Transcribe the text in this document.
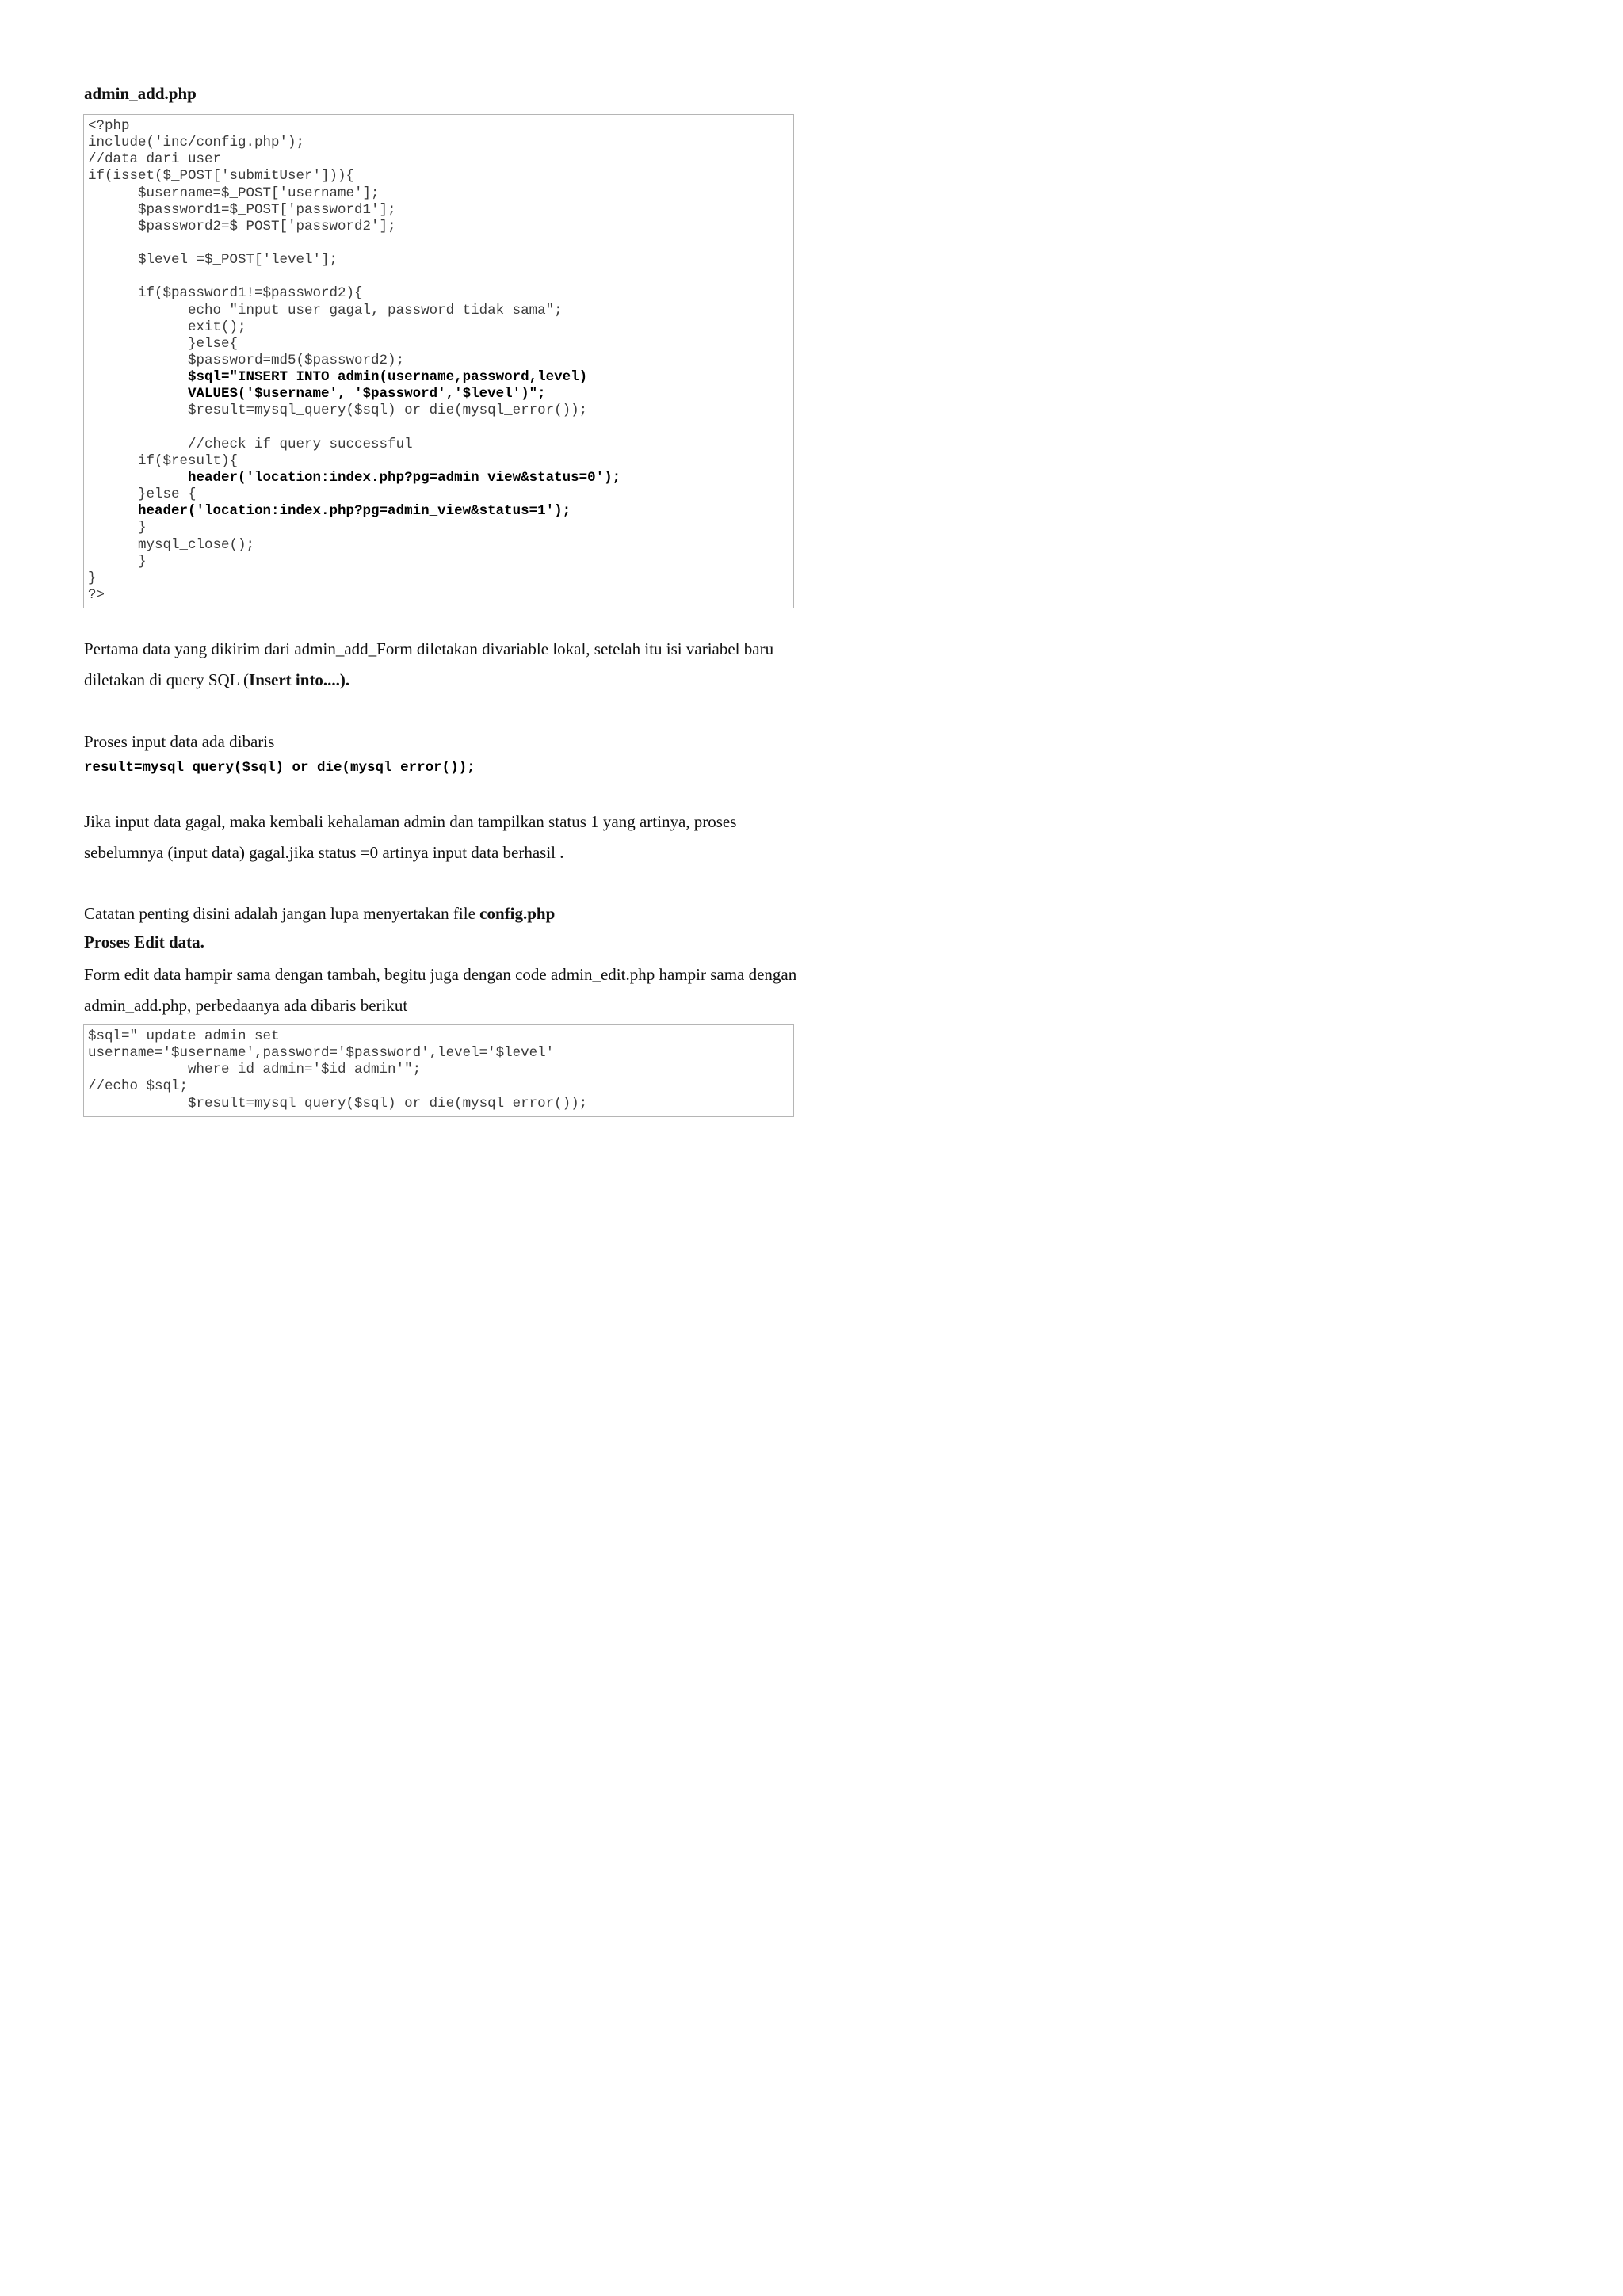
admin_add.php
<?php
include('inc/config.php');
//data dari user
if(isset($_POST['submitUser'])){
$username=$_POST['username'];
$password1=$_POST['password1'];
$password2=$_POST['password2'];
$level =$_POST['level'];
if($password1!=$password2){
echo "input user gagal, password tidak sama";
exit();
}else{
$password=md5($password2);
$sql="INSERT INTO admin(username,password,level)
VALUES('$username', '$password','$level')";
$result=mysql_query($sql) or die(mysql_error());
//check if query successful
if($result){
header('location:index.php?pg=admin_view&status=0');
}else {
header('location:index.php?pg=admin_view&status=1');
}
mysql_close();
}
}
?>

Pertama data yang dikirim dari admin_add_Form diletakan divariable lokal, setelah itu isi variabel baru diletakan di query SQL (Insert into....).

Proses input data ada dibaris

result=mysql_query($sql) or die(mysql_error());

Jika input data gagal, maka kembali kehalaman admin dan tampilkan status 1 yang artinya, proses sebelumnya (input data) gagal.jika status =0 artinya input data berhasil .

Catatan penting disini adalah jangan lupa menyertakan file config.php

Proses Edit data.

Form edit data hampir sama dengan tambah, begitu juga dengan code admin_edit.php hampir sama dengan admin_add.php, perbedaanya ada dibaris berikut

$sql=" update admin set
username='$username',password='$password',level='$level'
where id_admin='$id_admin'";
//echo $sql;
$result=mysql_query($sql) or die(mysql_error());
